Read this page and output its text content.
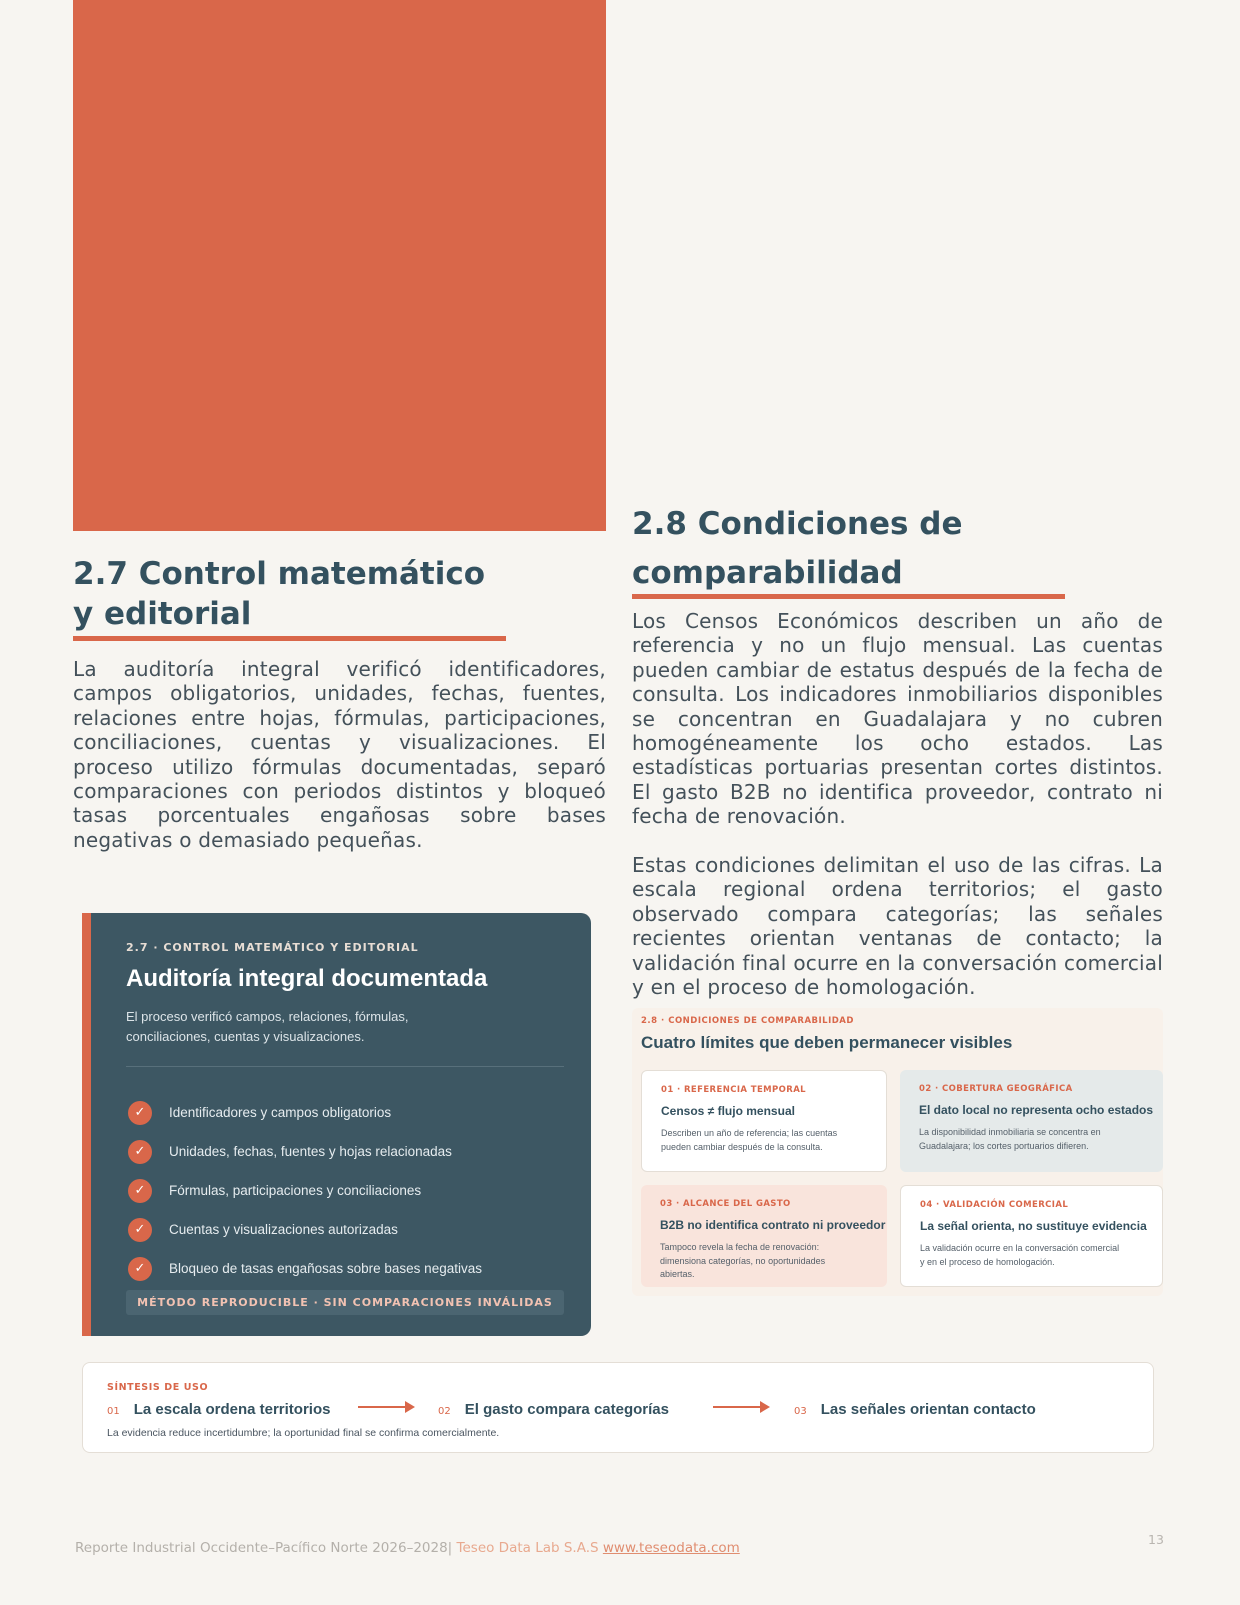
2.7 Control matemático
y editorial

La auditoría integral verificó identificadores, campos obligatorios, unidades, fechas, fuentes, relaciones entre hojas, fórmulas, participaciones, conciliaciones, cuentas y visualizaciones. El proceso utilizo fórmulas documentadas, separó comparaciones con periodos distintos y bloqueó tasas porcentuales engañosas sobre bases negativas o demasiado pequeñas.

2.8 Condiciones de
comparabilidad

Los Censos Económicos describen un año de referencia y no un flujo mensual. Las cuentas pueden cambiar de estatus después de la fecha de consulta. Los indicadores inmobiliarios disponibles se concentran en Guadalajara y no cubren homogéneamente los ocho estados. Las estadísticas portuarias presentan cortes distintos. El gasto B2B no identifica proveedor, contrato ni fecha de renovación.

Estas condiciones delimitan el uso de las cifras. La escala regional ordena territorios; el gasto observado compara categorías; las señales recientes orientan ventanas de contacto; la validación final ocurre en la conversación comercial y en el proceso de homologación.

2.7 · CONTROL MATEMÁTICO Y EDITORIAL
Auditoría integral documentada
El proceso verificó campos, relaciones, fórmulas, conciliaciones, cuentas y visualizaciones.
✓	Identificadores y campos obligatorios
✓	Unidades, fechas, fuentes y hojas relacionadas
✓	Fórmulas, participaciones y conciliaciones
✓	Cuentas y visualizaciones autorizadas
✓	Bloqueo de tasas engañosas sobre bases negativas
MÉTODO REPRODUCIBLE · SIN COMPARACIONES INVÁLIDAS
2.8 · CONDICIONES DE COMPARABILIDAD
Cuatro límites que deben permanecer visibles
01 · REFERENCIA TEMPORAL
Censos ≠ flujo mensual
Describen un año de referencia; las cuentas pueden cambiar después de la consulta.
02 · COBERTURA GEOGRÁFICA
El dato local no representa ocho estados
La disponibilidad inmobiliaria se concentra en Guadalajara; los cortes portuarios difieren.
03 · ALCANCE DEL GASTO
B2B no identifica contrato ni proveedor
Tampoco revela la fecha de renovación: dimensiona categorías, no oportunidades abiertas.
04 · VALIDACIÓN COMERCIAL
La señal orienta, no sustituye evidencia
La validación ocurre en la conversación comercial y en el proceso de homologación.
SÍNTESIS DE USO
01 La escala ordena territorios	02 El gasto compara categorías	03 Las señales orientan contacto
La evidencia reduce incertidumbre; la oportunidad final se confirma comercialmente.
Reporte Industrial Occidente–Pacífico Norte 2026–2028| Teseo Data Lab S.A.S www.teseodata.com
13
